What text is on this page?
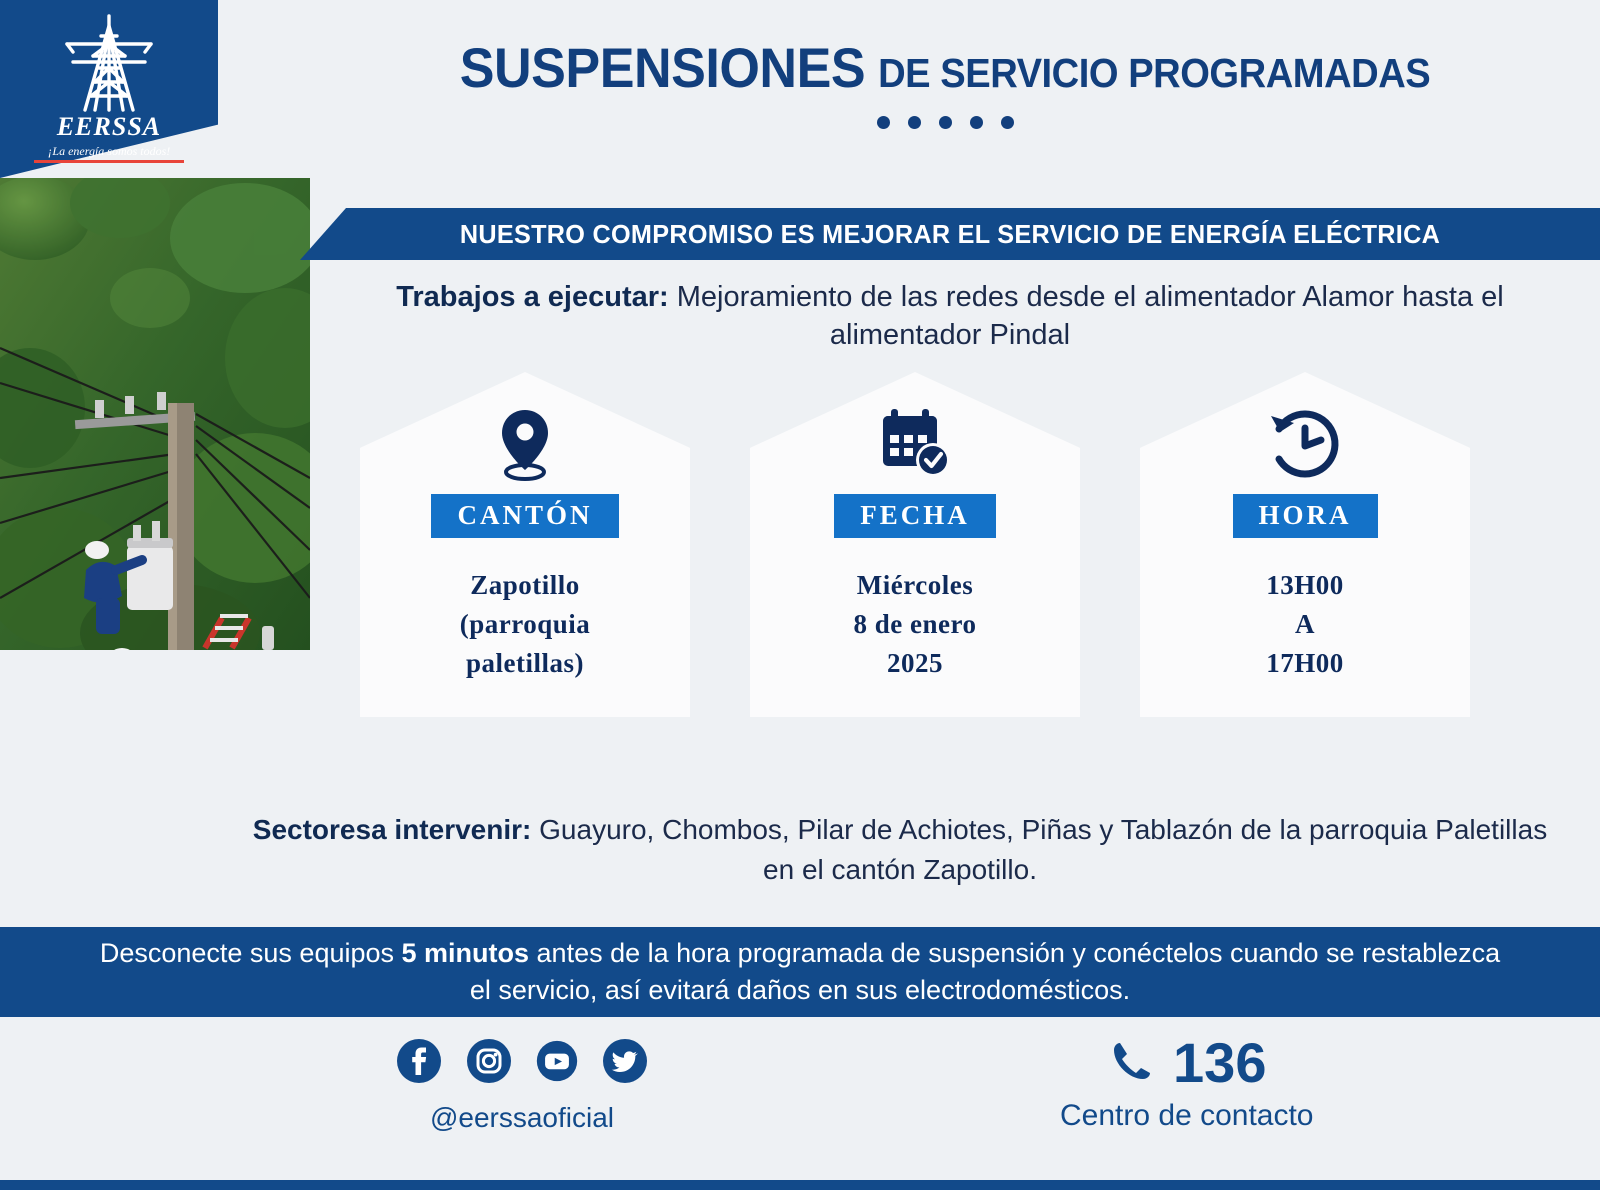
EERSSA
¡La energía somos todos!
SUSPENSIONES DE SERVICIO PROGRAMADAS
NUESTRO COMPROMISO ES MEJORAR EL SERVICIO DE ENERGÍA ELÉCTRICA
Trabajos a ejecutar: Mejoramiento de las redes desde el alimentador Alamor hasta el alimentador Pindal
CANTÓN
Zapotillo
(parroquia
paletillas)
FECHA
Miércoles
8 de enero
2025
HORA
13H00
A
17H00
Sectoresa intervenir: Guayuro, Chombos, Pilar de Achiotes, Piñas y Tablazón de la parroquia Paletillas en el cantón Zapotillo.
Desconecte sus equipos 5 minutos antes de la hora programada de suspensión y conéctelos cuando se restablezca el servicio, así evitará daños en sus electrodomésticos.
@eerssaoficial
136
Centro de contacto
